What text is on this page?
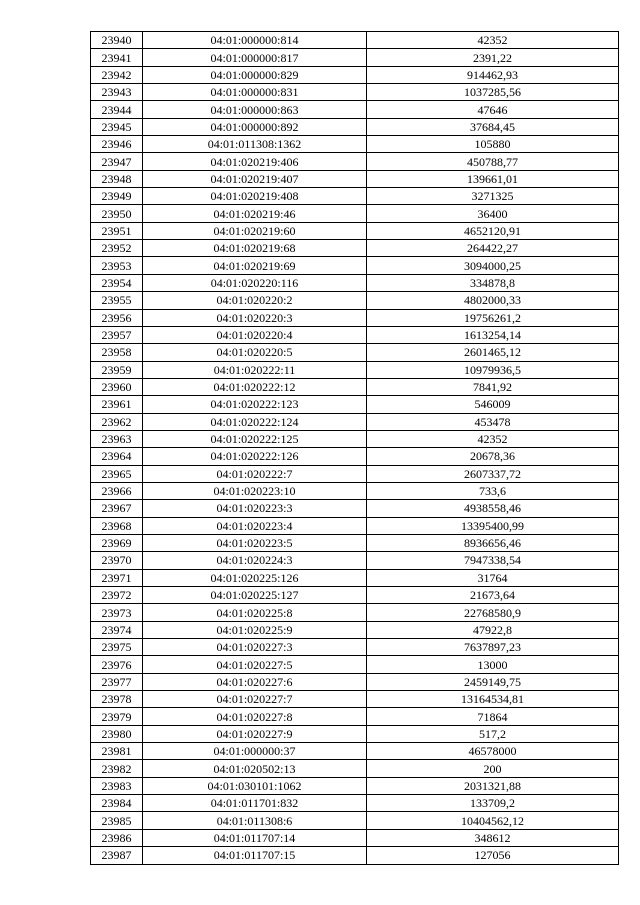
23940	04:01:000000:814	42352
23941	04:01:000000:817	2391,22
23942	04:01:000000:829	914462,93
23943	04:01:000000:831	1037285,56
23944	04:01:000000:863	47646
23945	04:01:000000:892	37684,45
23946	04:01:011308:1362	105880
23947	04:01:020219:406	450788,77
23948	04:01:020219:407	139661,01
23949	04:01:020219:408	3271325
23950	04:01:020219:46	36400
23951	04:01:020219:60	4652120,91
23952	04:01:020219:68	264422,27
23953	04:01:020219:69	3094000,25
23954	04:01:020220:116	334878,8
23955	04:01:020220:2	4802000,33
23956	04:01:020220:3	19756261,2
23957	04:01:020220:4	1613254,14
23958	04:01:020220:5	2601465,12
23959	04:01:020222:11	10979936,5
23960	04:01:020222:12	7841,92
23961	04:01:020222:123	546009
23962	04:01:020222:124	453478
23963	04:01:020222:125	42352
23964	04:01:020222:126	20678,36
23965	04:01:020222:7	2607337,72
23966	04:01:020223:10	733,6
23967	04:01:020223:3	4938558,46
23968	04:01:020223:4	13395400,99
23969	04:01:020223:5	8936656,46
23970	04:01:020224:3	7947338,54
23971	04:01:020225:126	31764
23972	04:01:020225:127	21673,64
23973	04:01:020225:8	22768580,9
23974	04:01:020225:9	47922,8
23975	04:01:020227:3	7637897,23
23976	04:01:020227:5	13000
23977	04:01:020227:6	2459149,75
23978	04:01:020227:7	13164534,81
23979	04:01:020227:8	71864
23980	04:01:020227:9	517,2
23981	04:01:000000:37	46578000
23982	04:01:020502:13	200
23983	04:01:030101:1062	2031321,88
23984	04:01:011701:832	133709,2
23985	04:01:011308:6	10404562,12
23986	04:01:011707:14	348612
23987	04:01:011707:15	127056
